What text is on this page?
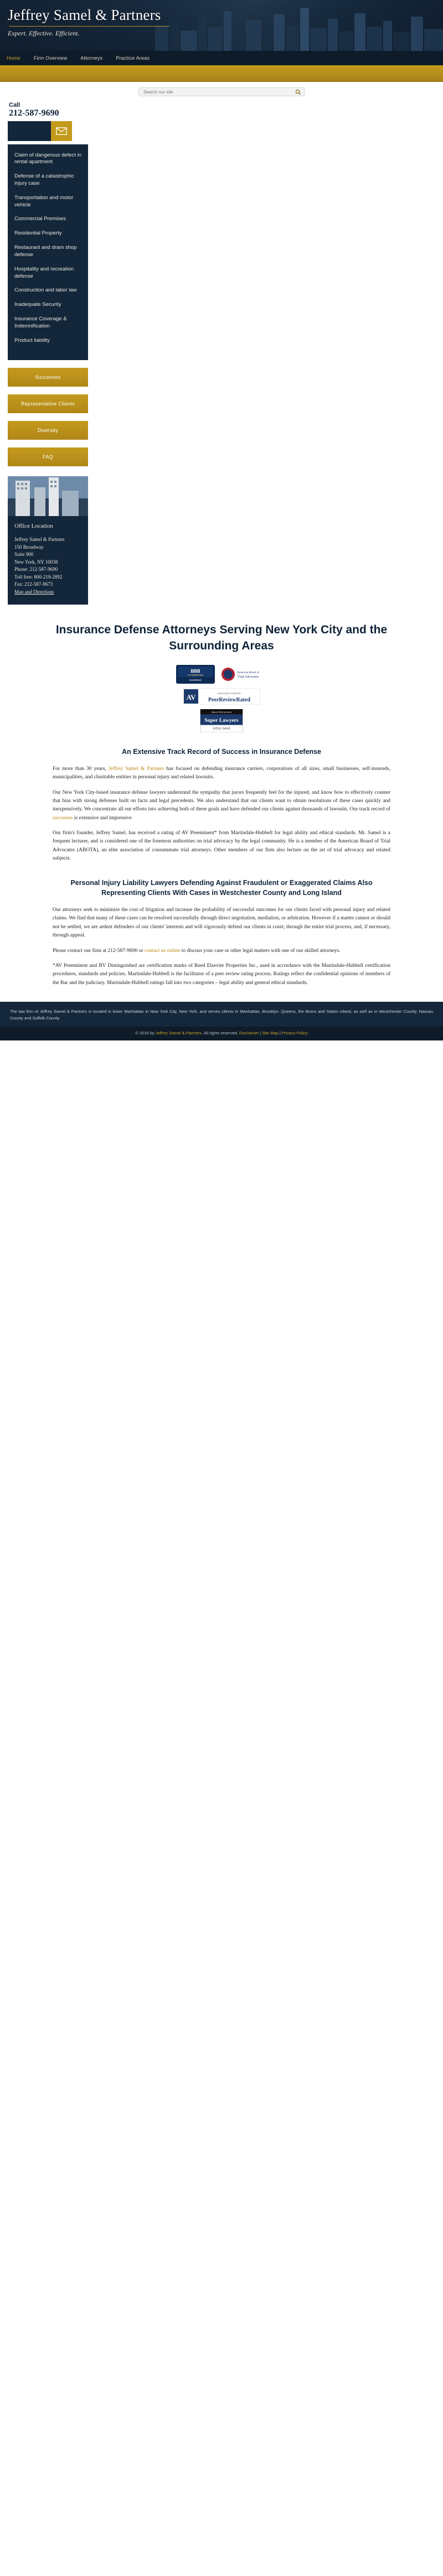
Jeffrey Samel & Partners
Expert. Effective. Efficient.
Home	Firm Overview	Attorneys	Practice Areas
Search our site
Call
212-587-9690
Claim of dangerous defect in rental apartment
Defense of a catastrophic injury case
Transportation and motor vehicle
Commercial Premises
Residential Property
Restaurant and dram shop defense
Hospitality and recreation defense
Construction and labor law
Inadequate Security
Insurance Coverage & Indemnification
Product liability
Successes
Representative Clients
Diversity
FAQ
Office Location
Jeffrey Samel & Partners
150 Broadway
Suite 900
New York, NY 10038
Phone: 212-587-9690
Toll free: 800-219-2892
Fax: 212-587-9673
Map and Directions
Insurance Defense Attorneys Serving New York City and the Surrounding Areas
BBB
ACCREDITED
BUSINESS
American Board of
Trial Advocates
AV	Martindale-Hubbell®
PeerReviewRated
SELECTED IN 2019
Super Lawyers
Jeffrey Samel
An Extensive Track Record of Success in Insurance Defense

For more than 30 years, Jeffrey Samel & Partners has focused on defending insurance carriers, corporations of all sizes, small businesses, self-insureds, municipalities, and charitable entities in personal injury and related lawsuits.

Our New York City-based insurance defense lawyers understand the sympathy that jurors frequently feel for the injured, and know how to effectively counter that bias with strong defenses built on facts and legal precedents. We also understand that our clients want to obtain resolutions of these cases quickly and inexpensively. We concentrate all our efforts into achieving both of these goals and have defended our clients against thousands of lawsuits. Our track record of successes is extensive and impressive

Our firm's founder, Jeffrey Samel, has received a rating of AV Preeminent* from Martindale-Hubbell for legal ability and ethical standards. Mr. Samel is a frequent lecturer, and is considered one of the foremost authorities on trial advocacy by the legal community. He is a member of the American Board of Trial Advocates (ABOTA), an elite association of consummate trial attorneys. Other members of our firm also lecture on the art of trial advocacy and related subjects.

Personal Injury Liability Lawyers Defending Against Fraudulent or Exaggerated Claims Also Representing Clients With Cases in Westchester County and Long Island

Our attorneys seek to minimize the cost of litigation and increase the probability of successful outcomes for our clients faced with personal injury and related claims. We find that many of these cases can be resolved successfully through direct negotiation, mediation, or arbitration. However if a matter cannot or should not be settled, we are ardent defenders of our clients' interests and will vigorously defend our clients in court, through the entire trial process, and, if necessary, through appeal.

Please contact our firm at 212-587-9690 or contact us online to discuss your case or other legal matters with one of our skilled attorneys.

*AV Preeminent and BV Distinguished are certification marks of Reed Elsevier Properties Inc., used in accordance with the Martindale-Hubbell certification procedures, standards and policies. Martindale-Hubbell is the facilitator of a peer review rating process. Ratings reflect the confidential opinions of members of the Bar and the judiciary. Martindale-Hubbell ratings fall into two categories – legal ability and general ethical standards.

The law firm of Jeffrey Samel & Partners is located in lower Manhattan in New York City, New York, and serves clients in Manhattan, Brooklyn, Queens, the Bronx and Staten Island, as well as in Westchester County, Nassau County and Suffolk County.
© 2016 by Jeffrey Samel & Partners. All rights reserved. Disclaimer | Site Map | Privacy Policy
